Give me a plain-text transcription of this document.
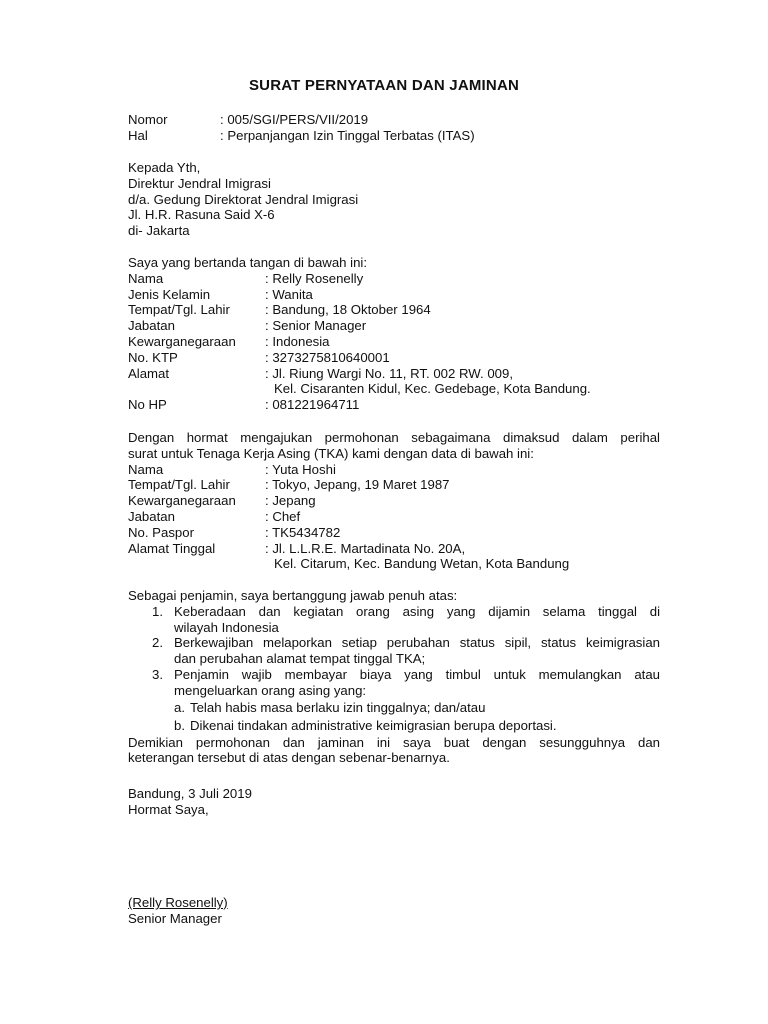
SURAT PERNYATAAN DAN JAMINAN
Nomor	: 005/SGI/PERS/VII/2019
Hal	: Perpanjangan Izin Tinggal Terbatas (ITAS)
Kepada Yth,
Direktur Jendral Imigrasi
d/a. Gedung Direktorat Jendral Imigrasi
Jl. H.R. Rasuna Said X-6
di- Jakarta
Saya yang bertanda tangan di bawah ini:
Nama	: Relly Rosenelly
Jenis Kelamin	: Wanita
Tempat/Tgl. Lahir	: Bandung, 18 Oktober 1964
Jabatan	: Senior Manager
Kewarganegaraan	: Indonesia
No. KTP	: 3273275810640001
Alamat	: Jl. Riung Wargi No. 11, RT. 002 RW. 009,
Kel. Cisaranten Kidul, Kec. Gedebage, Kota Bandung.
No HP	: 081221964711
Dengan hormat mengajukan permohonan sebagaimana dimaksud dalam perihal
surat untuk Tenaga Kerja Asing (TKA) kami dengan data di bawah ini:
Nama	: Yuta Hoshi
Tempat/Tgl. Lahir	: Tokyo, Jepang, 19 Maret 1987
Kewarganegaraan	: Jepang
Jabatan	: Chef
No. Paspor	: TK5434782
Alamat Tinggal	: Jl. L.L.R.E. Martadinata No. 20A,
Kel. Citarum, Kec. Bandung Wetan, Kota Bandung
Sebagai penjamin, saya bertanggung jawab penuh atas:
1. Keberadaan dan kegiatan orang asing yang dijamin selama tinggal di
wilayah Indonesia
2. Berkewajiban melaporkan setiap perubahan status sipil, status keimigrasian
dan perubahan alamat tempat tinggal TKA;
3. Penjamin wajib membayar biaya yang timbul untuk memulangkan atau
mengeluarkan orang asing yang:
a. Telah habis masa berlaku izin tinggalnya; dan/atau
b. Dikenai tindakan administrative keimigrasian berupa deportasi.
Demikian permohonan dan jaminan ini saya buat dengan sesungguhnya dan
keterangan tersebut di atas dengan sebenar-benarnya.
Bandung, 3 Juli 2019
Hormat Saya,
(Relly Rosenelly)
Senior Manager
